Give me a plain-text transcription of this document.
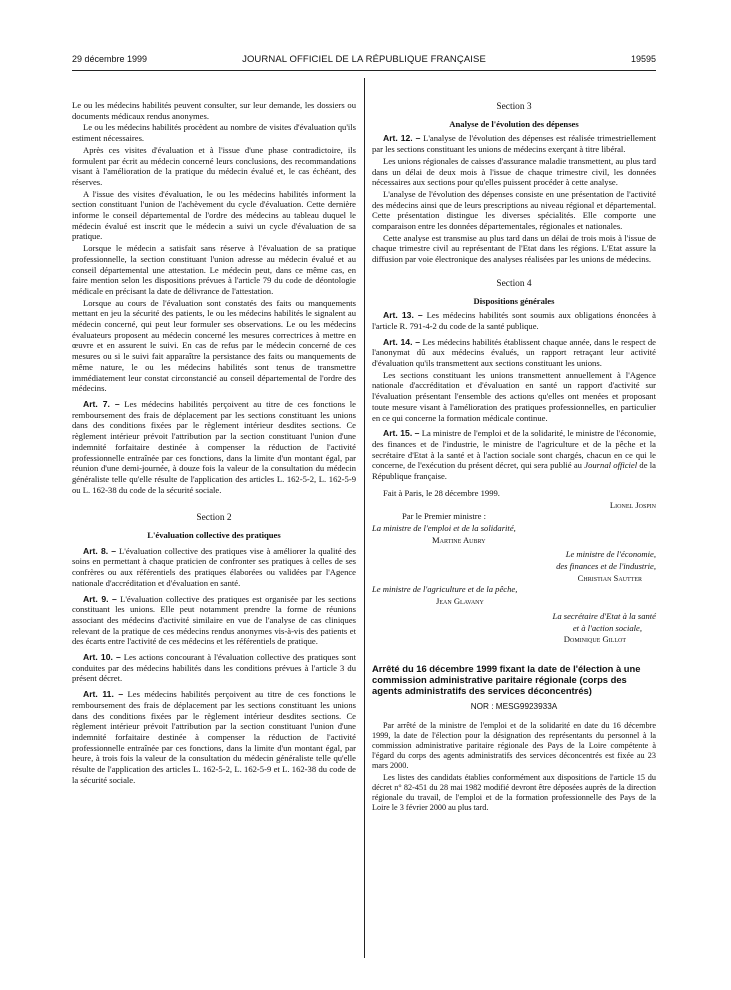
29 décembre 1999	JOURNAL OFFICIEL DE LA RÉPUBLIQUE FRANÇAISE	19595

Le ou les médecins habilités peuvent consulter, sur leur demande, les dossiers ou documents médicaux rendus anonymes.

Le ou les médecins habilités procèdent au nombre de visites d'évaluation qu'ils estiment nécessaires.

Après ces visites d'évaluation et à l'issue d'une phase contradictoire, ils formulent par écrit au médecin concerné leurs conclusions, des recommandations visant à l'amélioration de la pratique du médecin évalué et, le cas échéant, des réserves.

A l'issue des visites d'évaluation, le ou les médecins habilités informent la section constituant l'union de l'achèvement du cycle d'évaluation. Cette dernière informe le conseil départemental de l'ordre des médecins au tableau duquel le médecin évalué est inscrit que le médecin a suivi un cycle d'évaluation de sa pratique.

Lorsque le médecin a satisfait sans réserve à l'évaluation de sa pratique professionnelle, la section constituant l'union adresse au médecin évalué et au conseil départemental une attestation. Le médecin peut, dans ce même cas, en faire mention selon les dispositions prévues à l'article 79 du code de déontologie médicale en précisant la date de délivrance de l'attestation.

Lorsque au cours de l'évaluation sont constatés des faits ou manquements mettant en jeu la sécurité des patients, le ou les médecins habilités le signalent au médecin concerné, qui peut leur formuler ses observations. Le ou les médecins évaluateurs proposent au médecin concerné les mesures correctrices à mettre en œuvre et en assurent le suivi. En cas de refus par le médecin concerné de ces mesures ou si le suivi fait apparaître la persistance des faits ou manquements de même nature, le ou les médecins habilités sont tenus de transmettre immédiatement leur constat circonstancié au conseil départemental de l'ordre des médecins.

Art. 7. – Les médecins habilités perçoivent au titre de ces fonctions le remboursement des frais de déplacement par les sections constituant les unions dans des conditions fixées par le règlement intérieur desdites sections. Ce règlement intérieur prévoit l'attribution par la section constituant l'union d'une indemnité forfaitaire destinée à compenser la réduction de l'activité professionnelle entraînée par ces fonctions, dans la limite d'un montant égal, par réunion d'une demi-journée, à douze fois la valeur de la consultation du médecin généraliste telle qu'elle résulte de l'application des articles L. 162-5-2, L. 162-5-9 ou L. 162-38 du code de la sécurité sociale.

Section 2

L'évaluation collective des pratiques

Art. 8. – L'évaluation collective des pratiques vise à améliorer la qualité des soins en permettant à chaque praticien de confronter ses pratiques à celles de ses confrères ou aux référentiels des pratiques élaborées ou validées par l'Agence nationale d'accréditation et d'évaluation en santé.

Art. 9. – L'évaluation collective des pratiques est organisée par les sections constituant les unions. Elle peut notamment prendre la forme de réunions associant des médecins d'activité similaire en vue de l'analyse de cas cliniques relevant de la pratique de ces médecins rendus anonymes vis-à-vis des patients et des écarts entre l'activité de ces médecins et les référentiels de pratique.

Art. 10. – Les actions concourant à l'évaluation collective des pratiques sont conduites par des médecins habilités dans les conditions prévues à l'article 3 du présent décret.

Art. 11. – Les médecins habilités perçoivent au titre de ces fonctions le remboursement des frais de déplacement par les sections constituant les unions dans des conditions fixées par le règlement intérieur desdites sections. Ce règlement intérieur prévoit l'attribution par la section constituant l'union d'une indemnité forfaitaire destinée à compenser la réduction de l'activité professionnelle entraînée par ces fonctions, dans la limite d'un montant égal, par heure, à trois fois la valeur de la consultation du médecin généraliste telle qu'elle résulte de l'application des articles L. 162-5-2, L. 162-5-9 et L. 162-38 du code de la sécurité sociale.

Section 3

Analyse de l'évolution des dépenses

Art. 12. – L'analyse de l'évolution des dépenses est réalisée trimestriellement par les sections constituant les unions de médecins exerçant à titre libéral.

Les unions régionales de caisses d'assurance maladie transmettent, au plus tard dans un délai de deux mois à l'issue de chaque trimestre civil, les données nécessaires aux sections pour qu'elles puissent procéder à cette analyse.

L'analyse de l'évolution des dépenses consiste en une présentation de l'activité des médecins ainsi que de leurs prescriptions au niveau régional et départemental. Cette présentation distingue les diverses spécialités. Elle comporte une comparaison entre les données départementales, régionales et nationales.

Cette analyse est transmise au plus tard dans un délai de trois mois à l'issue de chaque trimestre civil au représentant de l'Etat dans les régions. L'Etat assure la diffusion par voie électronique des analyses réalisées par les unions de médecins.

Section 4

Dispositions générales

Art. 13. – Les médecins habilités sont soumis aux obligations énoncées à l'article R. 791-4-2 du code de la santé publique.

Art. 14. – Les médecins habilités établissent chaque année, dans le respect de l'anonymat dû aux médecins évalués, un rapport retraçant leur activité d'évaluation qu'ils transmettent aux sections constituant les unions.

Les sections constituant les unions transmettent annuellement à l'Agence nationale d'accréditation et d'évaluation en santé un rapport d'activité sur l'évaluation présentant l'ensemble des actions qu'elles ont menées et proposant toute mesure visant à l'amélioration des pratiques professionnelles, en particulier en ce qui concerne la formation médicale continue.

Art. 15. – La ministre de l'emploi et de la solidarité, le ministre de l'économie, des finances et de l'industrie, le ministre de l'agriculture et de la pêche et la secrétaire d'Etat à la santé et à l'action sociale sont chargés, chacun en ce qui le concerne, de l'exécution du présent décret, qui sera publié au Journal officiel de la République française.

Fait à Paris, le 28 décembre 1999.

Lionel Jospin

Par le Premier ministre :

La ministre de l'emploi et de la solidarité,

Martine Aubry

Le ministre de l'économie,

des finances et de l'industrie,

Christian Sautter

Le ministre de l'agriculture et de la pêche,

Jean Glavany

La secrétaire d'Etat à la santé

et à l'action sociale,

Dominique Gillot

Arrêté du 16 décembre 1999 fixant la date de l'élection à une commission administrative paritaire régionale (corps des agents administratifs des services déconcentrés)

NOR : MESG9923933A

Par arrêté de la ministre de l'emploi et de la solidarité en date du 16 décembre 1999, la date de l'élection pour la désignation des représentants du personnel à la commission administrative paritaire régionale des Pays de la Loire compétente à l'égard du corps des agents administratifs des services déconcentrés est fixée au 23 mars 2000.

Les listes des candidats établies conformément aux dispositions de l'article 15 du décret n° 82-451 du 28 mai 1982 modifié devront être déposées auprès de la direction régionale du travail, de l'emploi et de la formation professionnelle des Pays de la Loire le 3 février 2000 au plus tard.
